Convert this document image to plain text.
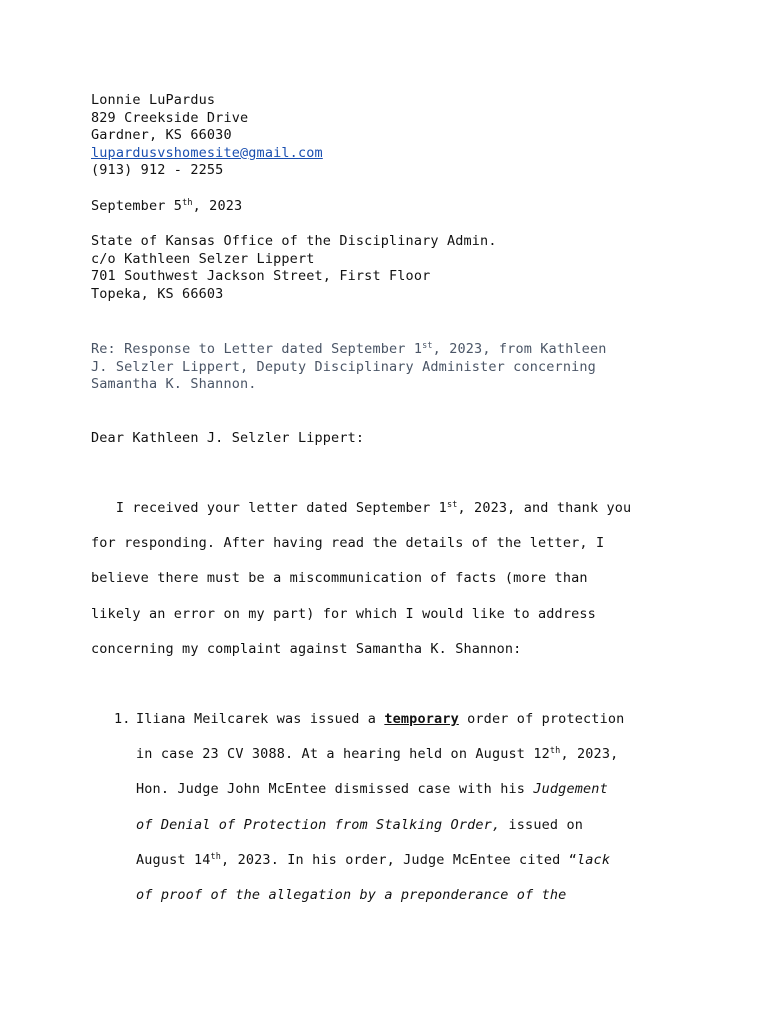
Lonnie LuPardus
829 Creekside Drive
Gardner, KS 66030
lupardusvshomesite@gmail.com
(913) 912 - 2255
September 5th, 2023
State of Kansas Office of the Disciplinary Admin.
c/o Kathleen Selzer Lippert
701 Southwest Jackson Street, First Floor
Topeka, KS 66603
Re: Response to Letter dated September 1st, 2023, from Kathleen
J. Selzler Lippert, Deputy Disciplinary Administer concerning
Samantha K. Shannon.
Dear Kathleen J. Selzler Lippert:
I received your letter dated September 1st, 2023, and thank you
for responding. After having read the details of the letter, I
believe there must be a miscommunication of facts (more than
likely an error on my part) for which I would like to address
concerning my complaint against Samantha K. Shannon:
1. Iliana Meilcarek was issued a temporary order of protection
in case 23 CV 3088. At a hearing held on August 12th, 2023,
Hon. Judge John McEntee dismissed case with his Judgement
of Denial of Protection from Stalking Order, issued on
August 14th, 2023. In his order, Judge McEntee cited “lack
of proof of the allegation by a preponderance of the
